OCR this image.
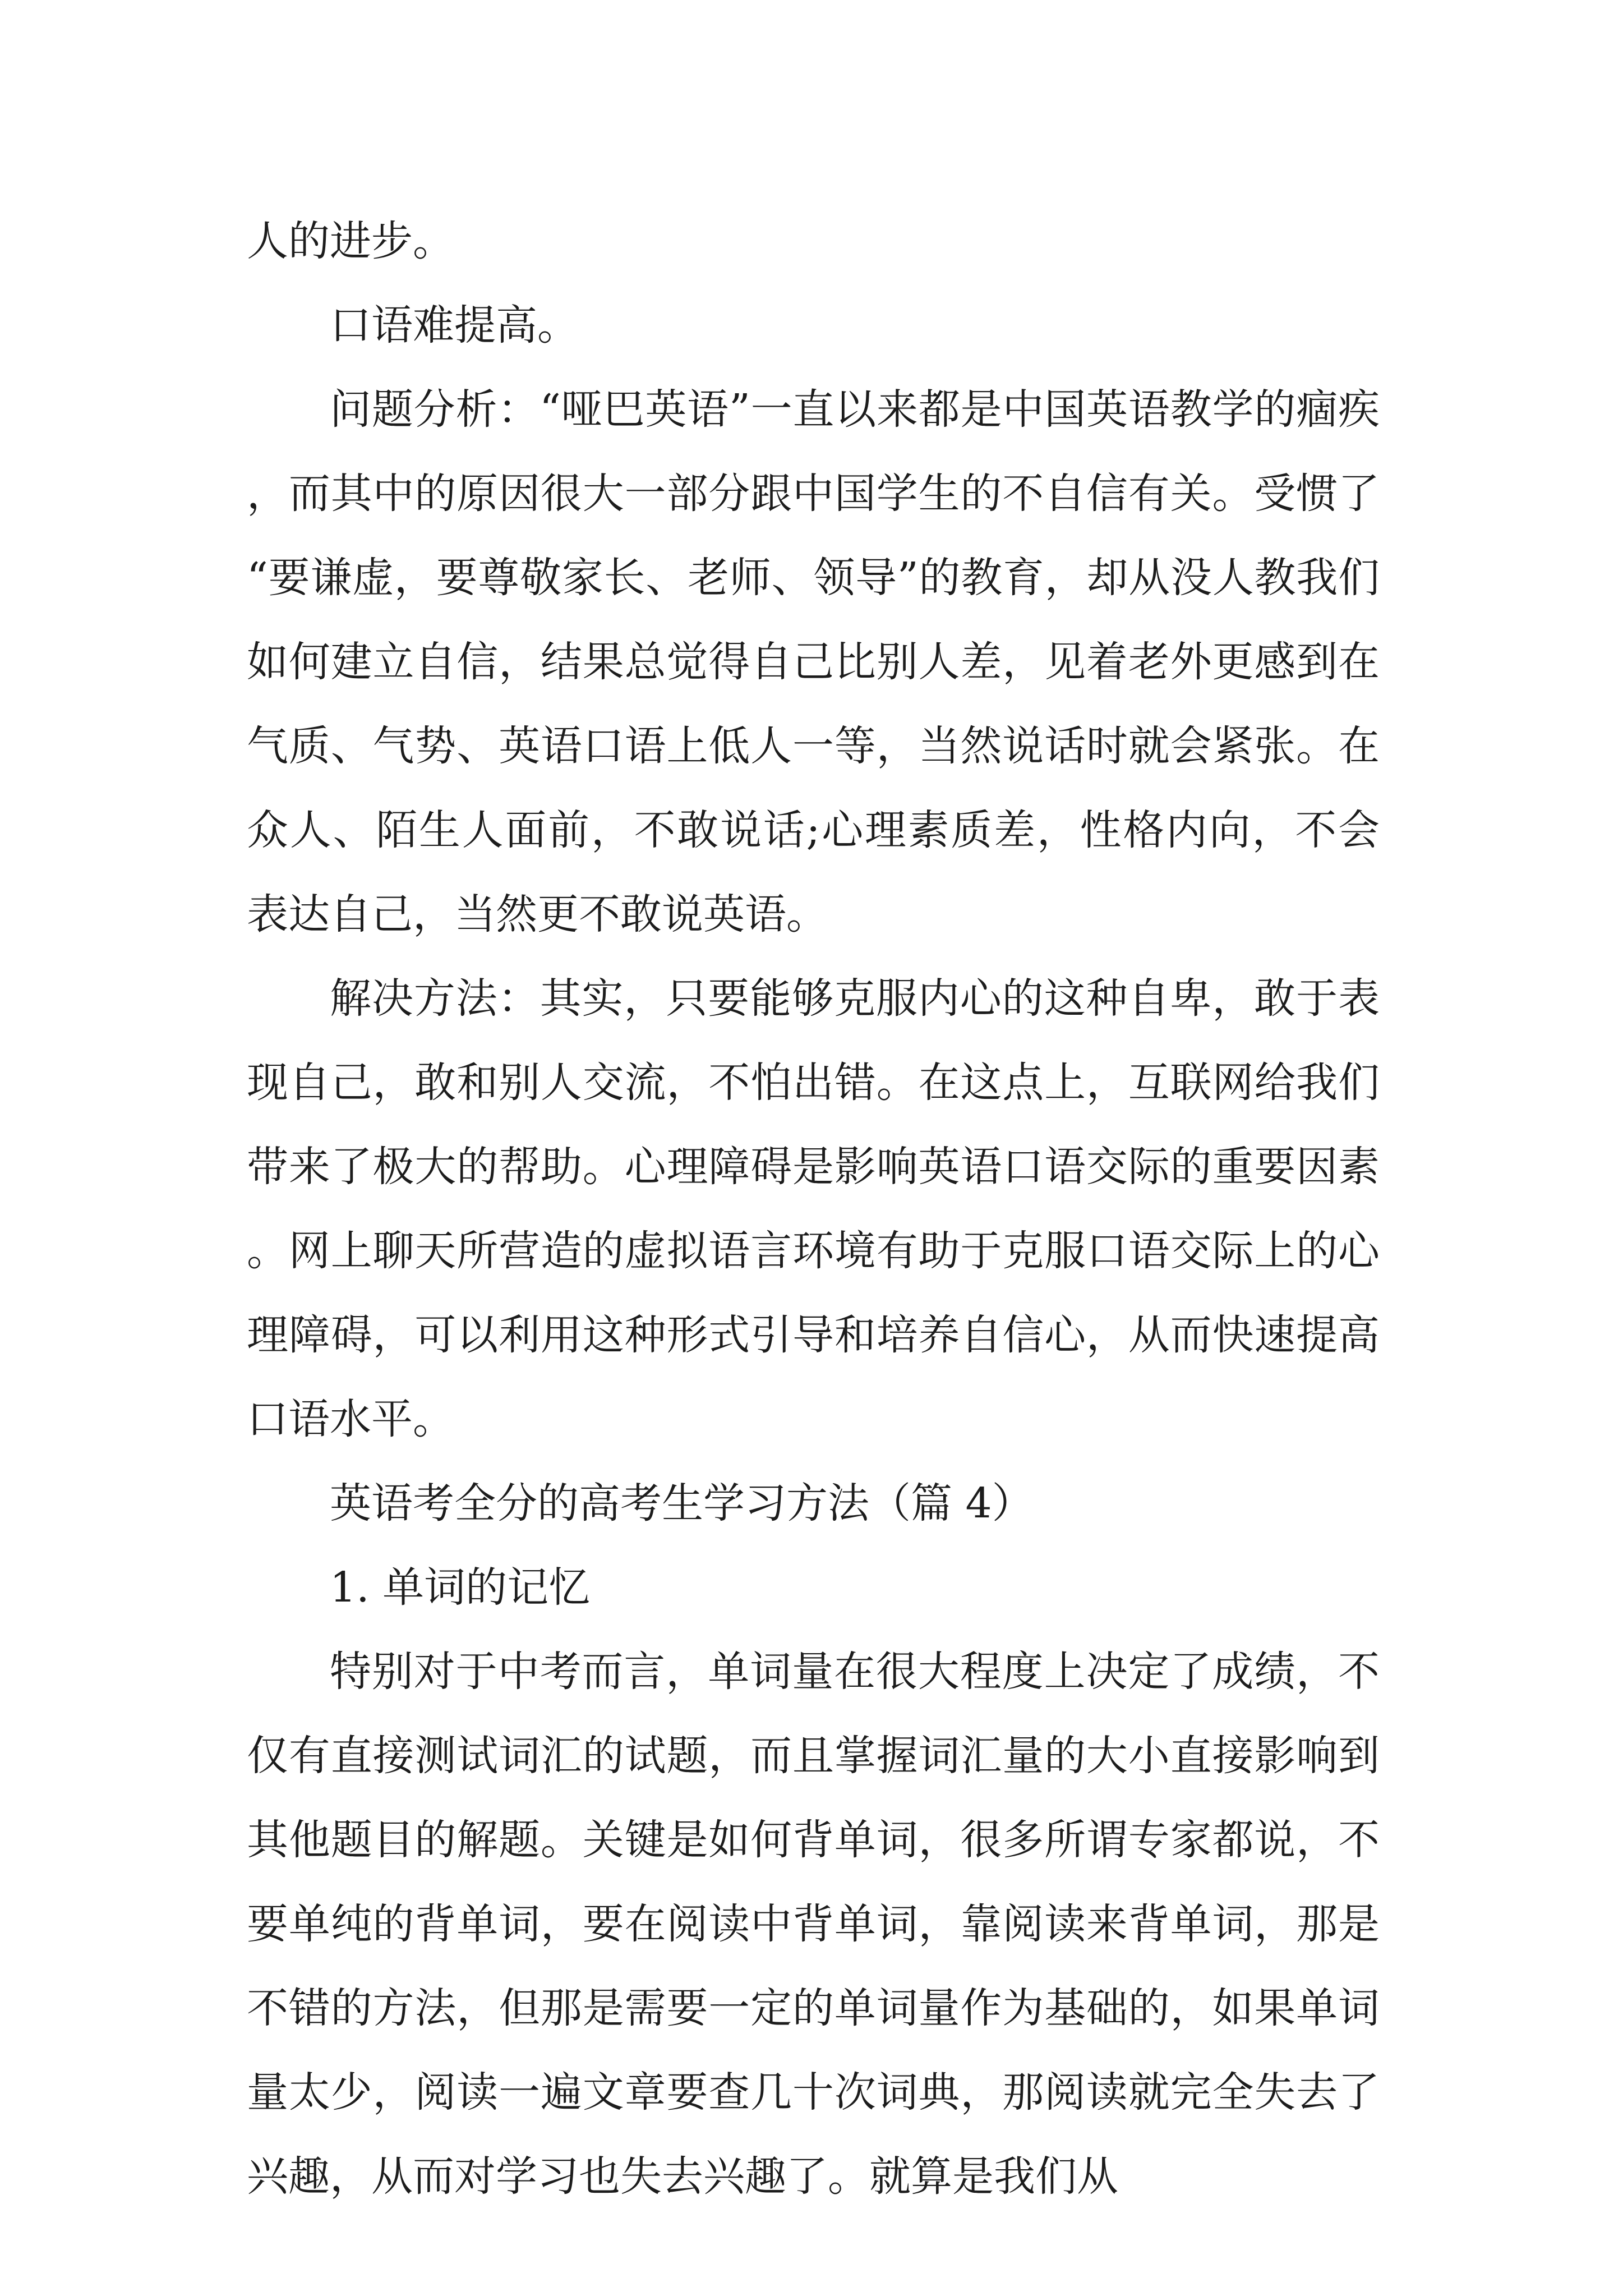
人的进步。

口语难提高。

问题分析：“哑巴英语”一直以来都是中国英语教学的痼疾，而其中的原因很大一部分跟中国学生的不自信有关。受惯了“要谦虚，要尊敬家长、老师、领导”的教育，却从没人教我们如何建立自信，结果总觉得自己比别人差，见着老外更感到在气质、气势、英语口语上低人一等，当然说话时就会紧张。在众人、陌生人面前，不敢说话;心理素质差，性格内向，不会表达自己，当然更不敢说英语。

解决方法：其实，只要能够克服内心的这种自卑，敢于表现自己，敢和别人交流，不怕出错。在这点上，互联网给我们带来了极大的帮助。心理障碍是影响英语口语交际的重要因素。网上聊天所营造的虚拟语言环境有助于克服口语交际上的心理障碍，可以利用这种形式引导和培养自信心，从而快速提高口语水平。

英语考全分的高考生学习方法（篇 4）

1. 单词的记忆

特别对于中考而言，单词量在很大程度上决定了成绩，不仅有直接测试词汇的试题，而且掌握词汇量的大小直接影响到其他题目的解题。关键是如何背单词，很多所谓专家都说，不要单纯的背单词，要在阅读中背单词，靠阅读来背单词，那是不错的方法，但那是需要一定的单词量作为基础的，如果单词量太少，阅读一遍文章要查几十次词典，那阅读就完全失去了兴趣，从而对学习也失去兴趣了。就算是我们从
